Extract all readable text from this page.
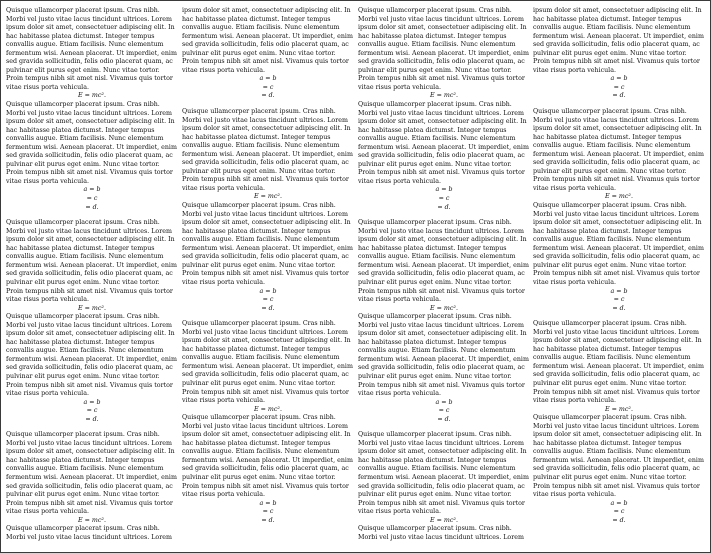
Quisque ullamcorper placerat ipsum. Cras nibh. Morbi vel justo vitae lacus tincidunt ultrices. Lorem ipsum dolor sit amet, consectetuer adipiscing elit. In hac habitasse platea dictumst. Integer tempus convallis augue. Etiam facilisis. Nunc elementum fermentum wisi. Aenean placerat. Ut imperdiet, enim sed gravida sollicitudin, felis odio placerat quam, ac pulvinar elit purus eget enim. Nunc vitae tortor. Proin tempus nibh sit amet nisl. Vivamus quis tortor vitae risus porta vehicula.
E = mc².
Quisque ullamcorper placerat ipsum. Cras nibh. Morbi vel justo vitae lacus tincidunt ultrices. Lorem ipsum dolor sit amet, consectetuer adipiscing elit. In hac habitasse platea dictumst. Integer tempus convallis augue. Etiam facilisis. Nunc elementum fermentum wisi. Aenean placerat. Ut imperdiet, enim sed gravida sollicitudin, felis odio placerat quam, ac pulvinar elit purus eget enim. Nunc vitae tortor. Proin tempus nibh sit amet nisl. Vivamus quis tortor vitae risus porta vehicula.
a = b
= c
= d.
Quisque ullamcorper placerat ipsum. Cras nibh. Morbi vel justo vitae lacus tincidunt ultrices. Lorem ipsum dolor sit amet, consectetuer adipiscing elit. In hac habitasse platea dictumst. Integer tempus convallis augue. Etiam facilisis. Nunc elementum fermentum wisi. Aenean placerat. Ut imperdiet, enim sed gravida sollicitudin, felis odio placerat quam, ac pulvinar elit purus eget enim. Nunc vitae tortor. Proin tempus nibh sit amet nisl. Vivamus quis tortor vitae risus porta vehicula.
E = mc².
Quisque ullamcorper placerat ipsum. Cras nibh. Morbi vel justo vitae lacus tincidunt ultrices. Lorem ipsum dolor sit amet, consectetuer adipiscing elit. In hac habitasse platea dictumst. Integer tempus convallis augue. Etiam facilisis. Nunc elementum fermentum wisi. Aenean placerat. Ut imperdiet, enim sed gravida sollicitudin, felis odio placerat quam, ac pulvinar elit purus eget enim. Nunc vitae tortor. Proin tempus nibh sit amet nisl. Vivamus quis tortor vitae risus porta vehicula.
a = b
= c
= d.
Quisque ullamcorper placerat ipsum. Cras nibh. Morbi vel justo vitae lacus tincidunt ultrices. Lorem ipsum dolor sit amet, consectetuer adipiscing elit. In hac habitasse platea dictumst. Integer tempus convallis augue. Etiam facilisis. Nunc elementum fermentum wisi. Aenean placerat. Ut imperdiet, enim sed gravida sollicitudin, felis odio placerat quam, ac pulvinar elit purus eget enim. Nunc vitae tortor. Proin tempus nibh sit amet nisl. Vivamus quis tortor vitae risus porta vehicula.
E = mc².
Quisque ullamcorper placerat ipsum. Cras nibh. Morbi vel justo vitae lacus tincidunt ultrices. Lorem
ipsum dolor sit amet, consectetuer adipiscing elit. In hac habitasse platea dictumst. Integer tempus convallis augue. Etiam facilisis. Nunc elementum fermentum wisi. Aenean placerat. Ut imperdiet, enim sed gravida sollicitudin, felis odio placerat quam, ac pulvinar elit purus eget enim. Nunc vitae tortor. Proin tempus nibh sit amet nisl. Vivamus quis tortor vitae risus porta vehicula.
a = b
= c
= d.
Quisque ullamcorper placerat ipsum. Cras nibh. Morbi vel justo vitae lacus tincidunt ultrices. Lorem ipsum dolor sit amet, consectetuer adipiscing elit. In hac habitasse platea dictumst. Integer tempus convallis augue. Etiam facilisis. Nunc elementum fermentum wisi. Aenean placerat. Ut imperdiet, enim sed gravida sollicitudin, felis odio placerat quam, ac pulvinar elit purus eget enim. Nunc vitae tortor. Proin tempus nibh sit amet nisl. Vivamus quis tortor vitae risus porta vehicula.
E = mc².
Quisque ullamcorper placerat ipsum. Cras nibh. Morbi vel justo vitae lacus tincidunt ultrices. Lorem ipsum dolor sit amet, consectetuer adipiscing elit. In hac habitasse platea dictumst. Integer tempus convallis augue. Etiam facilisis. Nunc elementum fermentum wisi. Aenean placerat. Ut imperdiet, enim sed gravida sollicitudin, felis odio placerat quam, ac pulvinar elit purus eget enim. Nunc vitae tortor. Proin tempus nibh sit amet nisl. Vivamus quis tortor vitae risus porta vehicula.
a = b
= c
= d.
Quisque ullamcorper placerat ipsum. Cras nibh. Morbi vel justo vitae lacus tincidunt ultrices. Lorem ipsum dolor sit amet, consectetuer adipiscing elit. In hac habitasse platea dictumst. Integer tempus convallis augue. Etiam facilisis. Nunc elementum fermentum wisi. Aenean placerat. Ut imperdiet, enim sed gravida sollicitudin, felis odio placerat quam, ac pulvinar elit purus eget enim. Nunc vitae tortor. Proin tempus nibh sit amet nisl. Vivamus quis tortor vitae risus porta vehicula.
E = mc².
Quisque ullamcorper placerat ipsum. Cras nibh. Morbi vel justo vitae lacus tincidunt ultrices. Lorem ipsum dolor sit amet, consectetuer adipiscing elit. In hac habitasse platea dictumst. Integer tempus convallis augue. Etiam facilisis. Nunc elementum fermentum wisi. Aenean placerat. Ut imperdiet, enim sed gravida sollicitudin, felis odio placerat quam, ac pulvinar elit purus eget enim. Nunc vitae tortor. Proin tempus nibh sit amet nisl. Vivamus quis tortor vitae risus porta vehicula.
a = b
= c
= d.
Quisque ullamcorper placerat ipsum. Cras nibh. Morbi vel justo vitae lacus tincidunt ultrices. Lorem ipsum dolor sit amet, consectetuer adipiscing elit. In hac habitasse platea dictumst. Integer tempus convallis augue. Etiam facilisis. Nunc elementum fermentum wisi. Aenean placerat. Ut imperdiet, enim sed gravida sollicitudin, felis odio placerat quam, ac pulvinar elit purus eget enim. Nunc vitae tortor. Proin tempus nibh sit amet nisl. Vivamus quis tortor vitae risus porta vehicula.
E = mc².
Quisque ullamcorper placerat ipsum. Cras nibh. Morbi vel justo vitae lacus tincidunt ultrices. Lorem ipsum dolor sit amet, consectetuer adipiscing elit. In hac habitasse platea dictumst. Integer tempus convallis augue. Etiam facilisis. Nunc elementum fermentum wisi. Aenean placerat. Ut imperdiet, enim sed gravida sollicitudin, felis odio placerat quam, ac pulvinar elit purus eget enim. Nunc vitae tortor. Proin tempus nibh sit amet nisl. Vivamus quis tortor vitae risus porta vehicula.
a = b
= c
= d.
Quisque ullamcorper placerat ipsum. Cras nibh. Morbi vel justo vitae lacus tincidunt ultrices. Lorem ipsum dolor sit amet, consectetuer adipiscing elit. In hac habitasse platea dictumst. Integer tempus convallis augue. Etiam facilisis. Nunc elementum fermentum wisi. Aenean placerat. Ut imperdiet, enim sed gravida sollicitudin, felis odio placerat quam, ac pulvinar elit purus eget enim. Nunc vitae tortor. Proin tempus nibh sit amet nisl. Vivamus quis tortor vitae risus porta vehicula.
E = mc².
Quisque ullamcorper placerat ipsum. Cras nibh. Morbi vel justo vitae lacus tincidunt ultrices. Lorem ipsum dolor sit amet, consectetuer adipiscing elit. In hac habitasse platea dictumst. Integer tempus convallis augue. Etiam facilisis. Nunc elementum fermentum wisi. Aenean placerat. Ut imperdiet, enim sed gravida sollicitudin, felis odio placerat quam, ac pulvinar elit purus eget enim. Nunc vitae tortor. Proin tempus nibh sit amet nisl. Vivamus quis tortor vitae risus porta vehicula.
a = b
= c
= d.
Quisque ullamcorper placerat ipsum. Cras nibh. Morbi vel justo vitae lacus tincidunt ultrices. Lorem ipsum dolor sit amet, consectetuer adipiscing elit. In hac habitasse platea dictumst. Integer tempus convallis augue. Etiam facilisis. Nunc elementum fermentum wisi. Aenean placerat. Ut imperdiet, enim sed gravida sollicitudin, felis odio placerat quam, ac pulvinar elit purus eget enim. Nunc vitae tortor. Proin tempus nibh sit amet nisl. Vivamus quis tortor vitae risus porta vehicula.
E = mc².
Quisque ullamcorper placerat ipsum. Cras nibh. Morbi vel justo vitae lacus tincidunt ultrices. Lorem
ipsum dolor sit amet, consectetuer adipiscing elit. In hac habitasse platea dictumst. Integer tempus convallis augue. Etiam facilisis. Nunc elementum fermentum wisi. Aenean placerat. Ut imperdiet, enim sed gravida sollicitudin, felis odio placerat quam, ac pulvinar elit purus eget enim. Nunc vitae tortor. Proin tempus nibh sit amet nisl. Vivamus quis tortor vitae risus porta vehicula.
a = b
= c
= d.
Quisque ullamcorper placerat ipsum. Cras nibh. Morbi vel justo vitae lacus tincidunt ultrices. Lorem ipsum dolor sit amet, consectetuer adipiscing elit. In hac habitasse platea dictumst. Integer tempus convallis augue. Etiam facilisis. Nunc elementum fermentum wisi. Aenean placerat. Ut imperdiet, enim sed gravida sollicitudin, felis odio placerat quam, ac pulvinar elit purus eget enim. Nunc vitae tortor. Proin tempus nibh sit amet nisl. Vivamus quis tortor vitae risus porta vehicula.
E = mc².
Quisque ullamcorper placerat ipsum. Cras nibh. Morbi vel justo vitae lacus tincidunt ultrices. Lorem ipsum dolor sit amet, consectetuer adipiscing elit. In hac habitasse platea dictumst. Integer tempus convallis augue. Etiam facilisis. Nunc elementum fermentum wisi. Aenean placerat. Ut imperdiet, enim sed gravida sollicitudin, felis odio placerat quam, ac pulvinar elit purus eget enim. Nunc vitae tortor. Proin tempus nibh sit amet nisl. Vivamus quis tortor vitae risus porta vehicula.
a = b
= c
= d.
Quisque ullamcorper placerat ipsum. Cras nibh. Morbi vel justo vitae lacus tincidunt ultrices. Lorem ipsum dolor sit amet, consectetuer adipiscing elit. In hac habitasse platea dictumst. Integer tempus convallis augue. Etiam facilisis. Nunc elementum fermentum wisi. Aenean placerat. Ut imperdiet, enim sed gravida sollicitudin, felis odio placerat quam, ac pulvinar elit purus eget enim. Nunc vitae tortor. Proin tempus nibh sit amet nisl. Vivamus quis tortor vitae risus porta vehicula.
E = mc².
Quisque ullamcorper placerat ipsum. Cras nibh. Morbi vel justo vitae lacus tincidunt ultrices. Lorem ipsum dolor sit amet, consectetuer adipiscing elit. In hac habitasse platea dictumst. Integer tempus convallis augue. Etiam facilisis. Nunc elementum fermentum wisi. Aenean placerat. Ut imperdiet, enim sed gravida sollicitudin, felis odio placerat quam, ac pulvinar elit purus eget enim. Nunc vitae tortor. Proin tempus nibh sit amet nisl. Vivamus quis tortor vitae risus porta vehicula.
a = b
= c
= d.
